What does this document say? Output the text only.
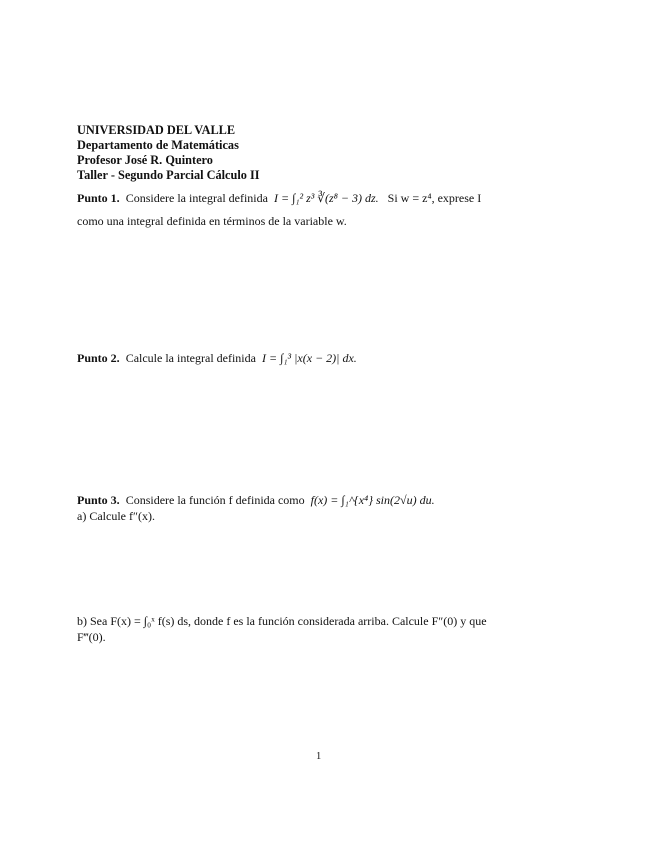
UNIVERSIDAD DEL VALLE
Departamento de Matemáticas
Profesor José R. Quintero
Taller - Segundo Parcial Cálculo II
Punto 1. Considere la integral definida I = ∫₁² z³ ∛(z⁸ − 3) dz. Si w = z⁴, exprese I
como una integral definida en términos de la variable w.
Punto 2. Calcule la integral definida I = ∫₁³ |x(x − 2)| dx.
Punto 3. Considere la función f definida como f(x) = ∫₁^{x⁴} sin(2√u) du.
a) Calcule f″(x).
b) Sea F(x) = ∫₀ˣ f(s) ds, donde f es la función considerada arriba. Calcule F″(0) y que
F‴(0).
1
